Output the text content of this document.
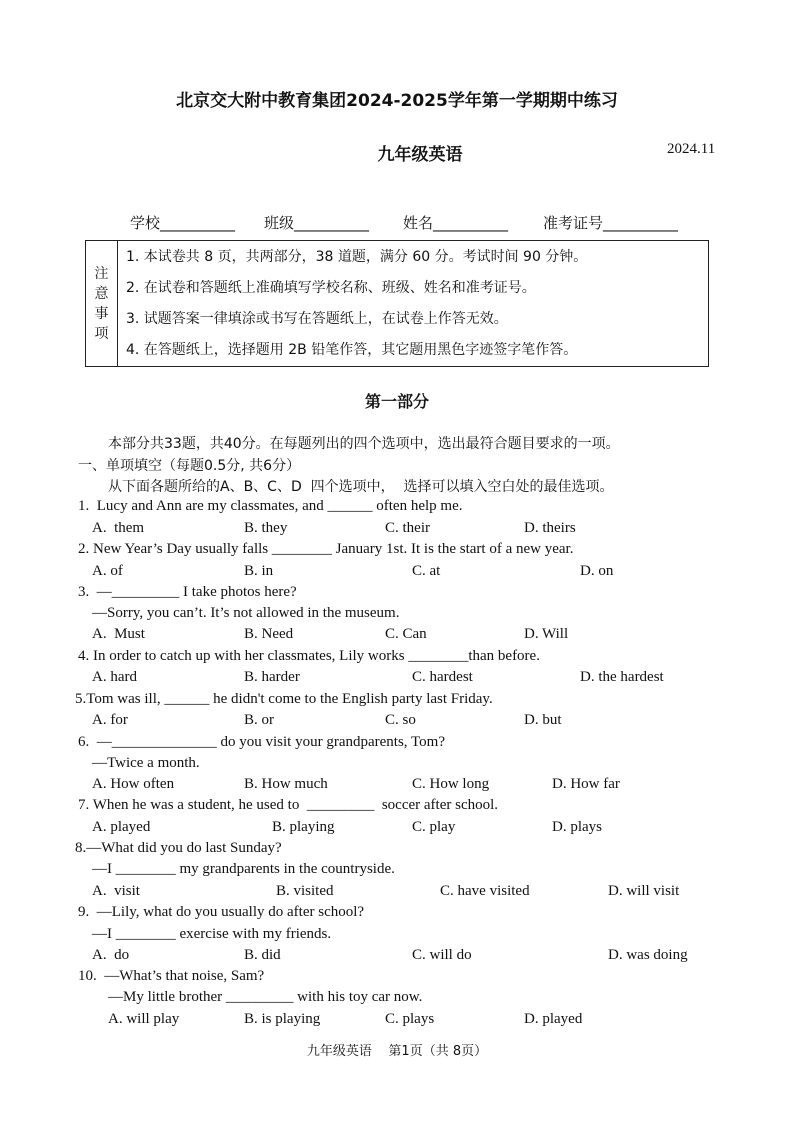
北京交大附中教育集团2024-2025学年第一学期期中练习
九年级英语	2024.11
学校__________ 班级__________ 姓名__________ 准考证号__________
注
意
事
项
1. 本试卷共 8 页，共两部分，38 道题，满分 60 分。考试时间 90 分钟。
2. 在试卷和答题纸上准确填写学校名称、班级、姓名和准考证号。
3. 试题答案一律填涂或书写在答题纸上，在试卷上作答无效。
4. 在答题纸上，选择题用 2B 铅笔作答，其它题用黑色字迹签字笔作答。
第一部分
本部分共33题，共40分。在每题列出的四个选项中，选出最符合题目要求的一项。
一、单项填空（每题0.5分, 共6分）
从下面各题所给的A、B、C、D  四个选项中，  选择可以填入空白处的最佳选项。
1.  Lucy and Ann are my classmates, and ______ often help me.
A.  them	B. they	C. their	D. theirs
2. New Year’s Day usually falls ________ January 1st. It is the start of a new year.
A. of	B. in	C. at	D. on
3.  —_________ I take photos here?
—Sorry, you can’t. It’s not allowed in the museum.
A.  Must	B. Need	C. Can	D. Will
4. In order to catch up with her classmates, Lily works ________than before.
A. hard	B. harder	C. hardest	D. the hardest
5.Tom was ill, ______ he didn't come to the English party last Friday.
A. for	B. or	C. so	D. but
6.  —______________ do you visit your grandparents, Tom?
—Twice a month.
A. How often	B. How much	C. How long	D. How far
7. When he was a student, he used to  _________  soccer after school.
A. played	B. playing	C. play	D. plays
8.—What did you do last Sunday?
—I ________ my grandparents in the countryside.
A.  visit	B. visited	C. have visited	D. will visit
9.  —Lily, what do you usually do after school?
—I ________ exercise with my friends.
A.  do	B. did	C. will do	D. was doing
10.  —What’s that noise, Sam?
—My little brother _________ with his toy car now.
A. will play	B. is playing	C. plays	D. played
九年级英语    第1页（共 8页）
